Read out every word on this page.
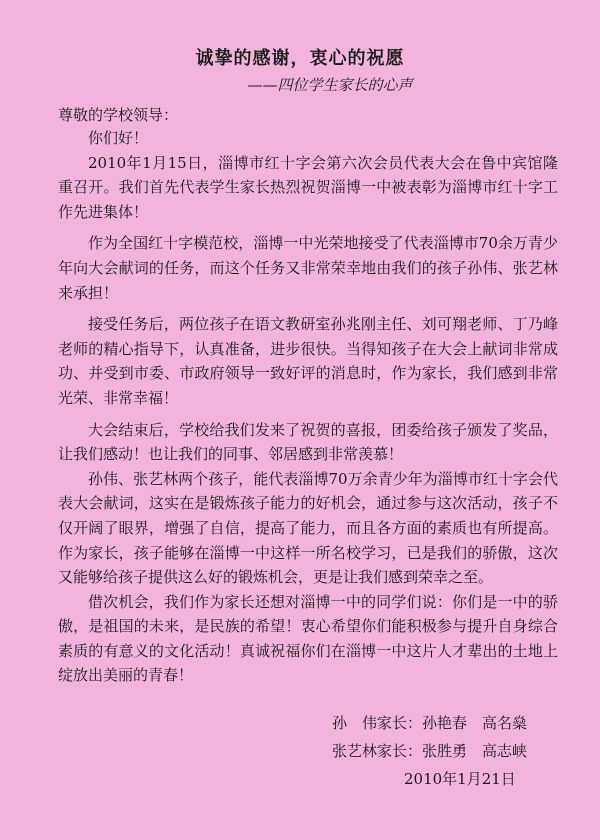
诚挚的感谢，衷心的祝愿
——四位学生家长的心声
尊敬的学校领导：

你们好！

2010年1月15日，淄博市红十字会第六次会员代表大会在鲁中宾馆隆重召开。我们首先代表学生家长热烈祝贺淄博一中被表彰为淄博市红十字工作先进集体！

作为全国红十字模范校，淄博一中光荣地接受了代表淄博市70余万青少年向大会献词的任务，而这个任务又非常荣幸地由我们的孩子孙伟、张艺林来承担！

接受任务后，两位孩子在语文教研室孙兆刚主任、刘可翔老师、丁乃峰老师的精心指导下，认真准备，进步很快。当得知孩子在大会上献词非常成功、并受到市委、市政府领导一致好评的消息时，作为家长，我们感到非常光荣、非常幸福！

大会结束后，学校给我们发来了祝贺的喜报，团委给孩子颁发了奖品，让我们感动！也让我们的同事、邻居感到非常羡慕！

孙伟、张艺林两个孩子，能代表淄博70万余青少年为淄博市红十字会代表大会献词，这实在是锻炼孩子能力的好机会，通过参与这次活动，孩子不仅开阔了眼界，增强了自信，提高了能力，而且各方面的素质也有所提高。作为家长，孩子能够在淄博一中这样一所名校学习，已是我们的骄傲，这次又能够给孩子提供这么好的锻炼机会，更是让我们感到荣幸之至。

借次机会，我们作为家长还想对淄博一中的同学们说：你们是一中的骄傲，是祖国的未来，是民族的希望！衷心希望你们能积极参与提升自身综合素质的有意义的文化活动！真诚祝福你们在淄博一中这片人才辈出的土地上绽放出美丽的青春！

孙　伟家长：孙艳春　高名燊
张艺林家长：张胜勇　高志峡
2010年1月21日
